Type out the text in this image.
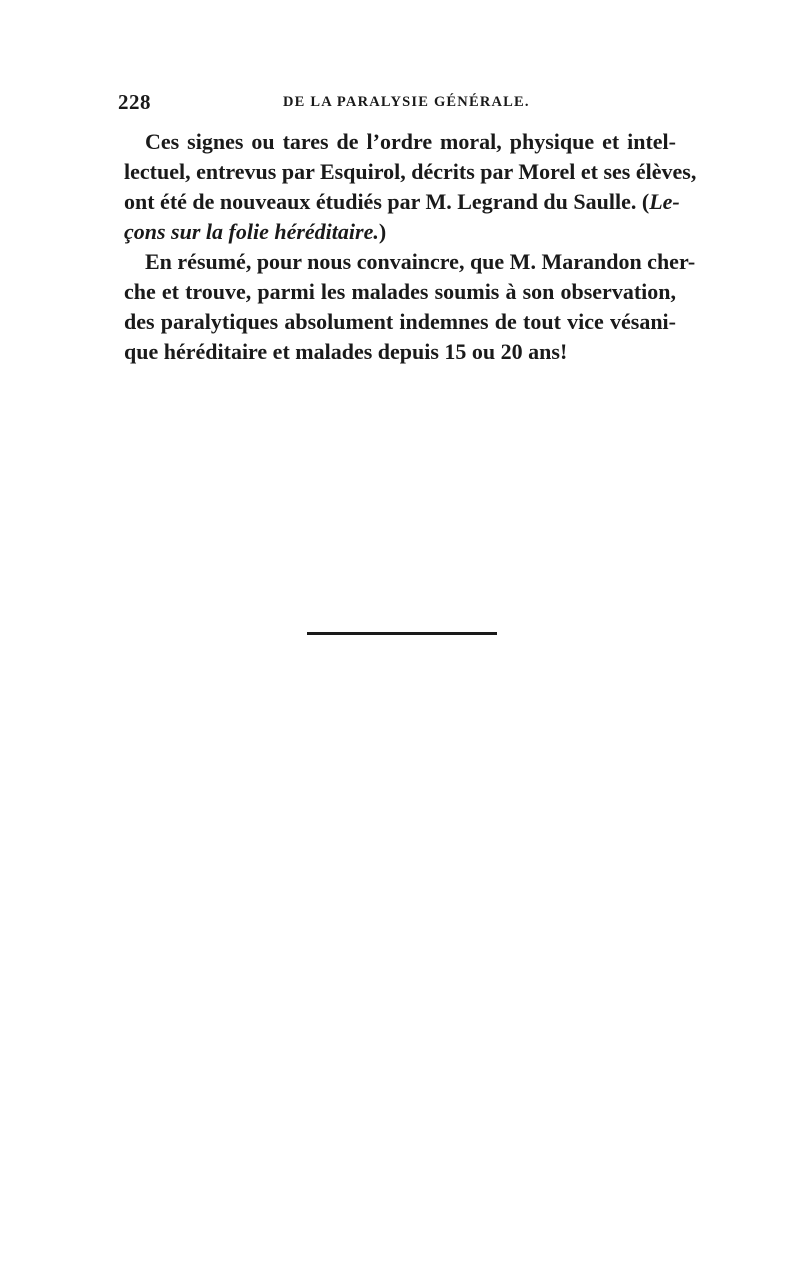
228	DE LA PARALYSIE GÉNÉRALE.
Ces signes ou tares de l’ordre moral, physique et intel-
lectuel, entrevus par Esquirol, décrits par Morel et ses élèves,
ont été de nouveaux étudiés par M. Legrand du Saulle. (Le-
çons sur la folie héréditaire.)
En résumé, pour nous convaincre, que M. Marandon cher-
che et trouve, parmi les malades soumis à son observation,
des paralytiques absolument indemnes de tout vice vésani-
que héréditaire et malades depuis 15 ou 20 ans!
